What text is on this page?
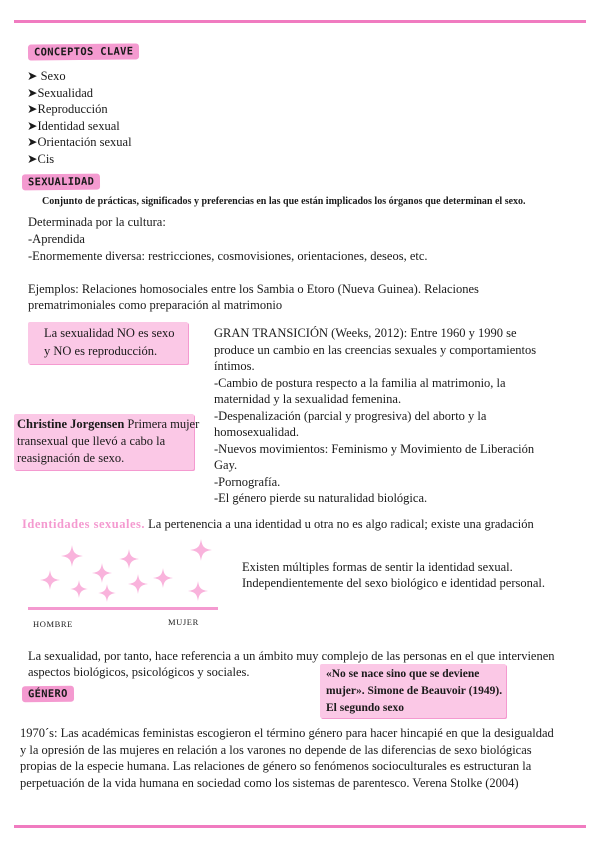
CONCEPTOS CLAVE
➤ Sexo
➤Sexualidad
➤Reproducción
➤Identidad sexual
➤Orientación sexual
➤Cis
SEXUALIDAD
Conjunto de prácticas, significados y preferencias en las que están implicados los órganos que determinan el sexo.
Determinada por la cultura:
-Aprendida
-Enormemente diversa: restricciones, cosmovisiones, orientaciones, deseos, etc.
Ejemplos: Relaciones homosociales entre los Sambia o Etoro (Nueva Guinea). Relaciones
prematrimoniales como preparación al matrimonio
La sexualidad NO es sexo
y NO es reproducción.
Christine Jorgensen Primera mujer
transexual que llevó a cabo la
reasignación de sexo.
GRAN TRANSICIÓN (Weeks, 2012): Entre 1960 y 1990 se
produce un cambio en las creencias sexuales y comportamientos
íntimos.
-Cambio de postura respecto a la familia al matrimonio, la
maternidad y la sexualidad femenina.
-Despenalización (parcial y progresiva) del aborto y la
homosexualidad.
-Nuevos movimientos: Feminismo y Movimiento de Liberación
Gay.
-Pornografía.
-El género pierde su naturalidad biológica.
Identidades sexuales. La pertenencia a una identidad u otra no es algo radical; existe una gradación
HOMBRE	MUJER
Existen múltiples formas de sentir la identidad sexual.
Independientemente del sexo biológico e identidad personal.
La sexualidad, por tanto, hace referencia a un ámbito muy complejo de las personas en el que intervienen
aspectos biológicos, psicológicos y sociales.	«No se nace sino que se deviene
mujer». Simone de Beauvoir (1949).
El segundo sexo
GÉNERO
1970´s: Las académicas feministas escogieron el término género para hacer hincapié en que la desigualdad
y la opresión de las mujeres en relación a los varones no depende de las diferencias de sexo biológicas
propias de la especie humana. Las relaciones de género so fenómenos socioculturales es estructuran la
perpetuación de la vida humana en sociedad como los sistemas de parentesco. Verena Stolke (2004)
